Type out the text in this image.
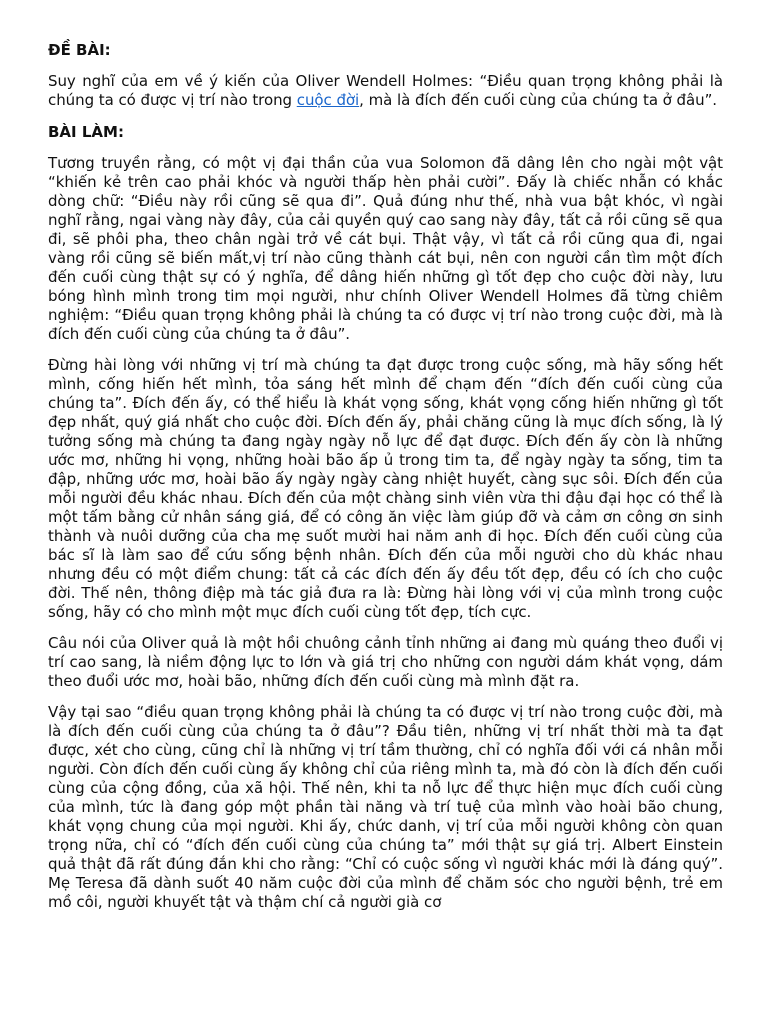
ĐỀ BÀI:

Suy nghĩ của em về ý kiến của Oliver Wendell Holmes: “Điều quan trọng không phải là chúng ta có được vị trí nào trong cuộc đời, mà là đích đến cuối cùng của chúng ta ở đâu”.

BÀI LÀM:

Tương truyền rằng, có một vị đại thần của vua Solomon đã dâng lên cho ngài một vật “khiến kẻ trên cao phải khóc và người thấp hèn phải cười”. Đấy là chiếc nhẫn có khắc dòng chữ: “Điều này rồi cũng sẽ qua đi”. Quả đúng như thế, nhà vua bật khóc, vì ngài nghĩ rằng, ngai vàng này đây, của cải quyền quý cao sang này đây, tất cả rồi cũng sẽ qua đi, sẽ phôi pha, theo chân ngài trở về cát bụi. Thật vậy, vì tất cả rồi cũng qua đi, ngai vàng rồi cũng sẽ biến mất,vị trí nào cũng thành cát bụi, nên con người cần tìm một đích đến cuối cùng thật sự có ý nghĩa, để dâng hiến những gì tốt đẹp cho cuộc đời này, lưu bóng hình mình trong tim mọi người, như chính Oliver Wendell Holmes đã từng chiêm nghiệm: “Điều quan trọng không phải là chúng ta có được vị trí nào trong cuộc đời, mà là đích đến cuối cùng của chúng ta ở đâu”.

Đừng hài lòng với những vị trí mà chúng ta đạt được trong cuộc sống, mà hãy sống hết mình, cống hiến hết mình, tỏa sáng hết mình để chạm đến “đích đến cuối cùng của chúng ta”. Đích đến ấy, có thể hiểu là khát vọng sống, khát vọng cống hiến những gì tốt đẹp nhất, quý giá nhất cho cuộc đời. Đích đến ấy, phải chăng cũng là mục đích sống, là lý tưởng sống mà chúng ta đang ngày ngày nỗ lực để đạt được. Đích đến ấy còn là những ước mơ, những hi vọng, những hoài bão ấp ủ trong tim ta, để ngày ngày ta sống, tim ta đập, những ước mơ, hoài bão ấy ngày ngày càng nhiệt huyết, càng sục sôi. Đích đến của mỗi người đều khác nhau. Đích đến của một chàng sinh viên vừa thi đậu đại học có thể là một tấm bằng cử nhân sáng giá, để có công ăn việc làm giúp đỡ và cảm ơn công ơn sinh thành và nuôi dưỡng của cha mẹ suốt mười hai năm anh đi học. Đích đến cuối cùng của bác sĩ là làm sao để cứu sống bệnh nhân. Đích đến của mỗi người cho dù khác nhau nhưng đều có một điểm chung: tất cả các đích đến ấy đều tốt đẹp, đều có ích cho cuộc đời. Thế nên, thông điệp mà tác giả đưa ra là: Đừng hài lòng với vị của mình trong cuộc sống, hãy có cho mình một mục đích cuối cùng tốt đẹp, tích cực.

Câu nói của Oliver quả là một hồi chuông cảnh tỉnh những ai đang mù quáng theo đuổi vị trí cao sang, là niềm động lực to lớn và giá trị cho những con người dám khát vọng, dám theo đuổi ước mơ, hoài bão, những đích đến cuối cùng mà mình đặt ra.

Vậy tại sao “điều quan trọng không phải là chúng ta có được vị trí nào trong cuộc đời, mà là đích đến cuối cùng của chúng ta ở đâu”? Đầu tiên, những vị trí nhất thời mà ta đạt được, xét cho cùng, cũng chỉ là những vị trí tầm thường, chỉ có nghĩa đối với cá nhân mỗi người. Còn đích đến cuối cùng ấy không chỉ của riêng mình ta, mà đó còn là đích đến cuối cùng của cộng đồng, của xã hội. Thế nên, khi ta nỗ lực để thực hiện mục đích cuối cùng của mình, tức là đang góp một phần tài năng và trí tuệ của mình vào hoài bão chung, khát vọng chung của mọi người. Khi ấy, chức danh, vị trí của mỗi người không còn quan trọng nữa, chỉ có “đích đến cuối cùng của chúng ta” mới thật sự giá trị. Albert Einstein quả thật đã rất đúng đắn khi cho rằng: “Chỉ có cuộc sống vì người khác mới là đáng quý”. Mẹ Teresa đã dành suốt 40 năm cuộc đời của mình để chăm sóc cho người bệnh, trẻ em mồ côi, người khuyết tật và thậm chí cả người già cơ
